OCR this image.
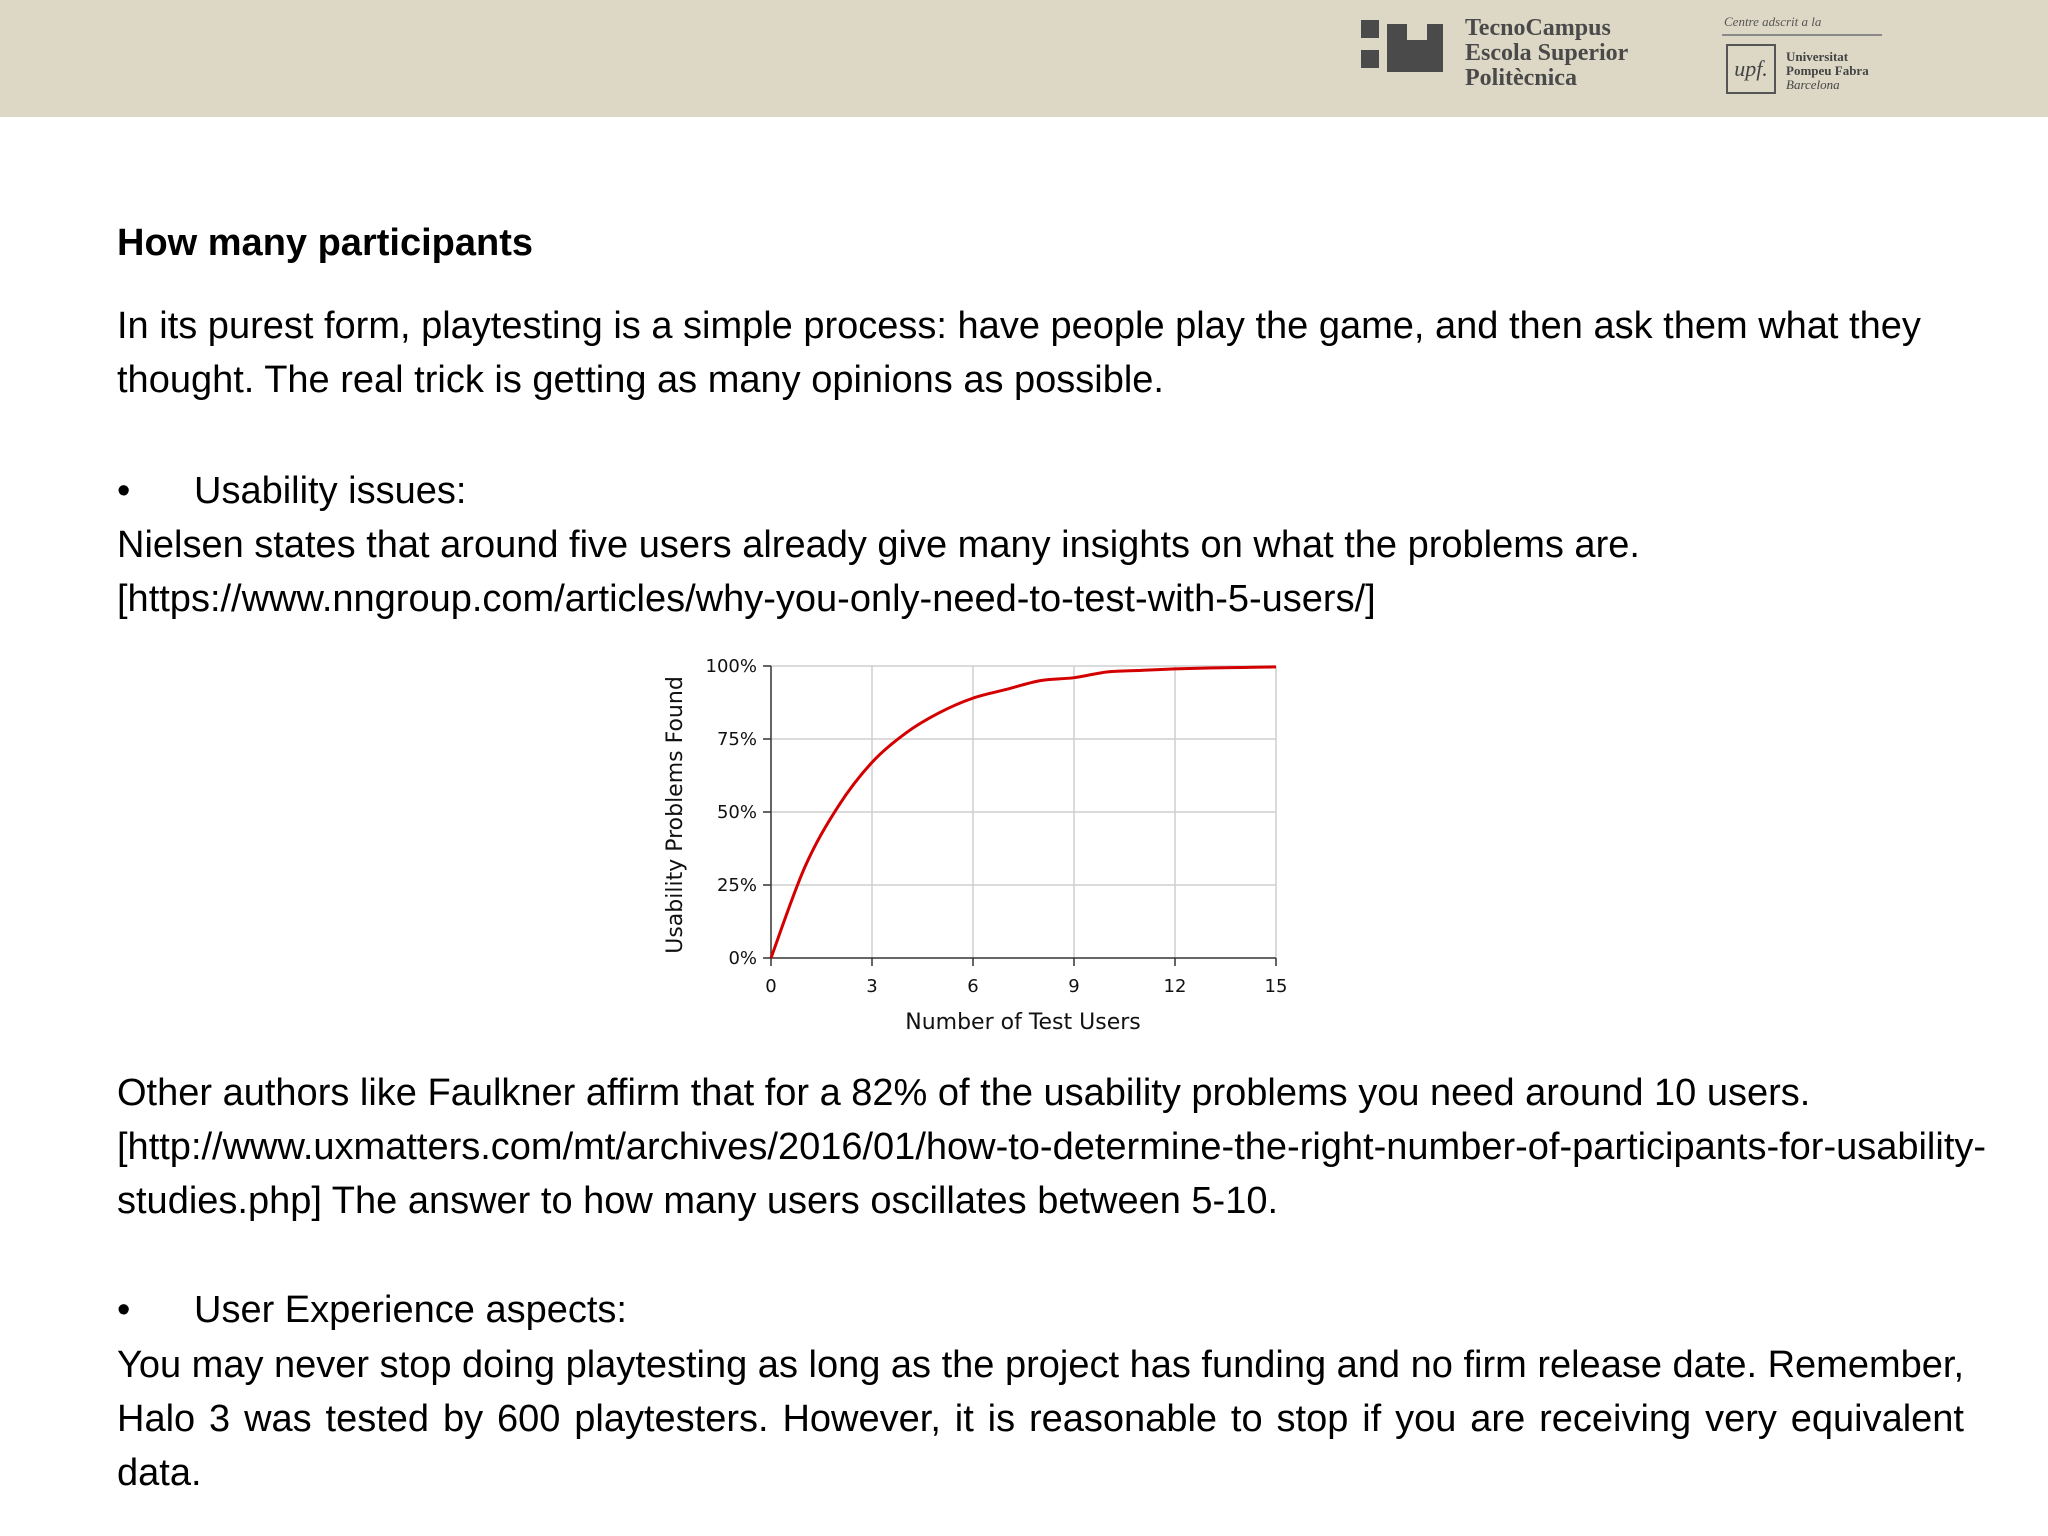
TecnoCampus
Escola Superior
Politècnica
Centre adscrit a la
upf.	Universitat
Pompeu Fabra
Barcelona
How many participants
In its purest form, playtesting is a simple process: have people play the game, and then ask them what they thought. The real trick is getting as many opinions as possible.
• Usability issues:
Nielsen states that around five users already give many insights on what the problems are.
[https://www.nngroup.com/articles/why-you-only-need-to-test-with-5-users/]
0	3	6	9	12	15
0%
25%
50%
75%
100%
Number of Test Users
Usability Problems Found
Other authors like Faulkner affirm that for a 82% of the usability problems you need around 10 users. [http://www.uxmatters.com/mt/archives/2016/01/how-to-determine-the-right-number-of-participants-for-usability-studies.php] The answer to how many users oscillates between 5-10.
• User Experience aspects:
You may never stop doing playtesting as long as the project has funding and no firm release date. Remember, Halo 3 was tested by 600 playtesters. However, it is reasonable to stop if you are receiving very equivalent data.
